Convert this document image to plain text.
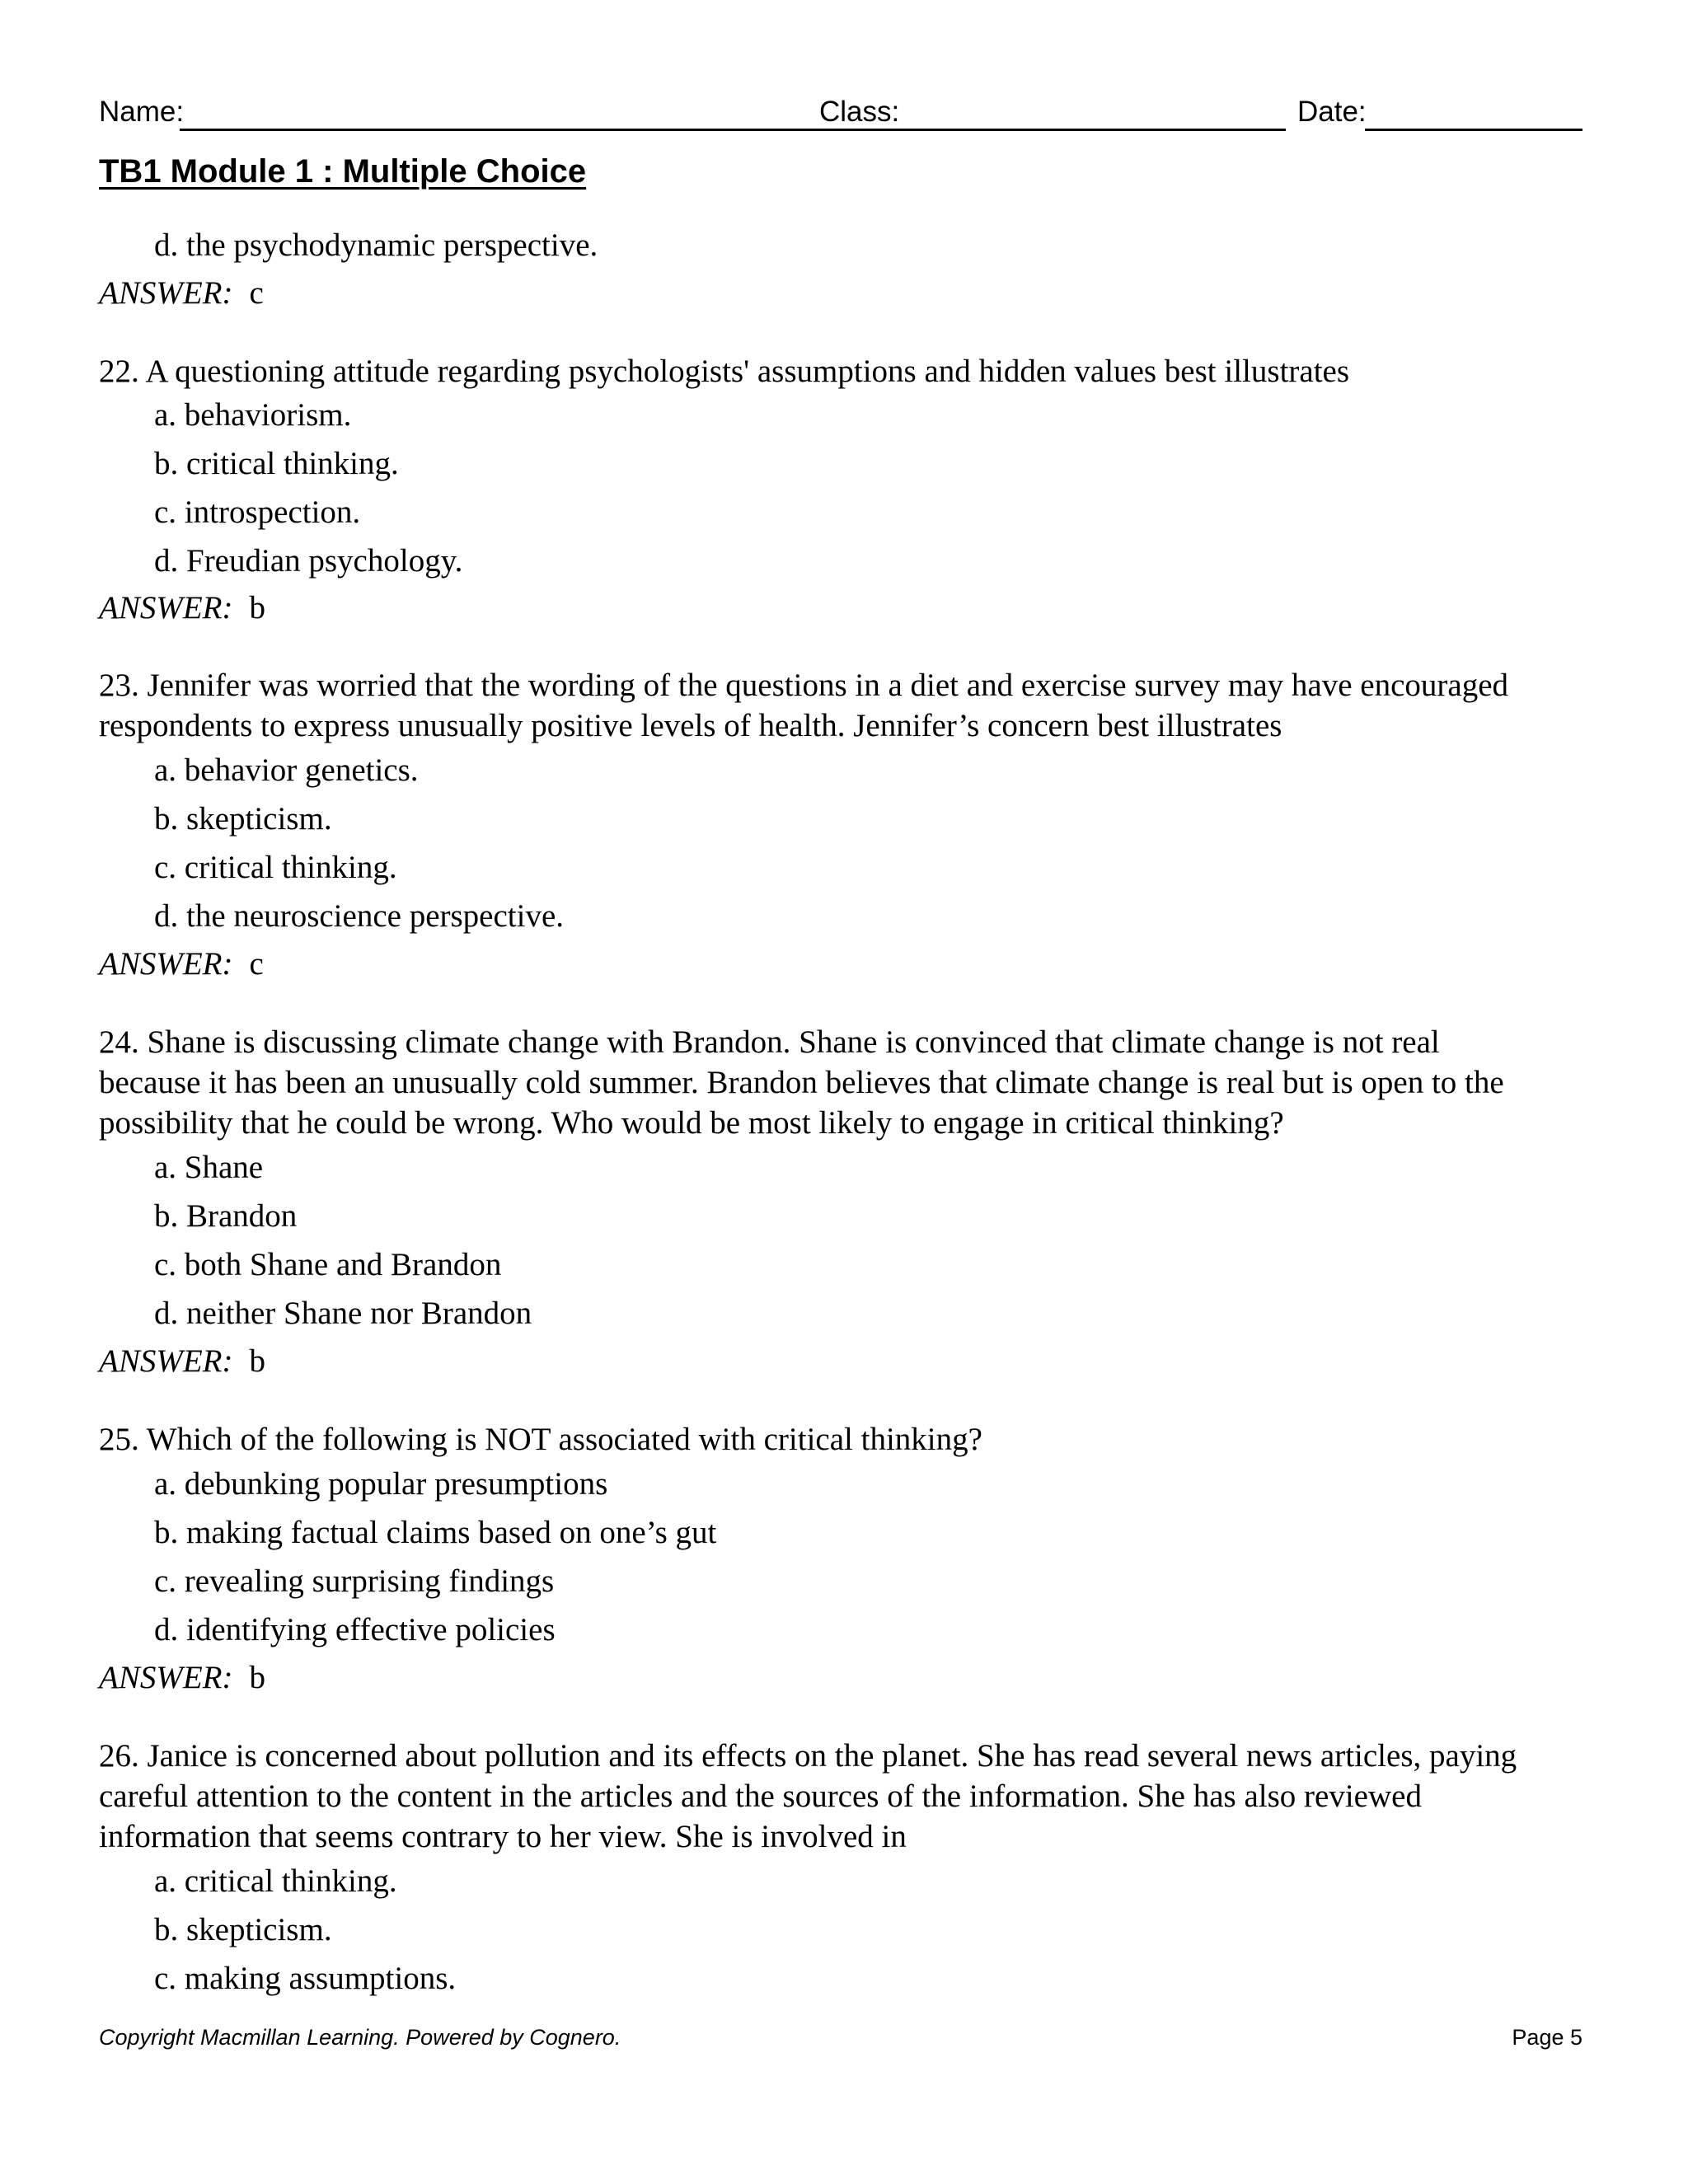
Name:	Class:	Date:
TB1 Module 1 : Multiple Choice
d. the psychodynamic perspective.
ANSWER: c
22. A questioning attitude regarding psychologists' assumptions and hidden values best illustrates
a. behaviorism.
b. critical thinking.
c. introspection.
d. Freudian psychology.
ANSWER: b
23. Jennifer was worried that the wording of the questions in a diet and exercise survey may have encouraged
respondents to express unusually positive levels of health. Jennifer’s concern best illustrates
a. behavior genetics.
b. skepticism.
c. critical thinking.
d. the neuroscience perspective.
ANSWER: c
24. Shane is discussing climate change with Brandon. Shane is convinced that climate change is not real
because it has been an unusually cold summer. Brandon believes that climate change is real but is open to the
possibility that he could be wrong. Who would be most likely to engage in critical thinking?
a. Shane
b. Brandon
c. both Shane and Brandon
d. neither Shane nor Brandon
ANSWER: b
25. Which of the following is NOT associated with critical thinking?
a. debunking popular presumptions
b. making factual claims based on one’s gut
c. revealing surprising findings
d. identifying effective policies
ANSWER: b
26. Janice is concerned about pollution and its effects on the planet. She has read several news articles, paying
careful attention to the content in the articles and the sources of the information. She has also reviewed
information that seems contrary to her view. She is involved in
a. critical thinking.
b. skepticism.
c. making assumptions.
Copyright Macmillan Learning. Powered by Cognero.	Page 5
